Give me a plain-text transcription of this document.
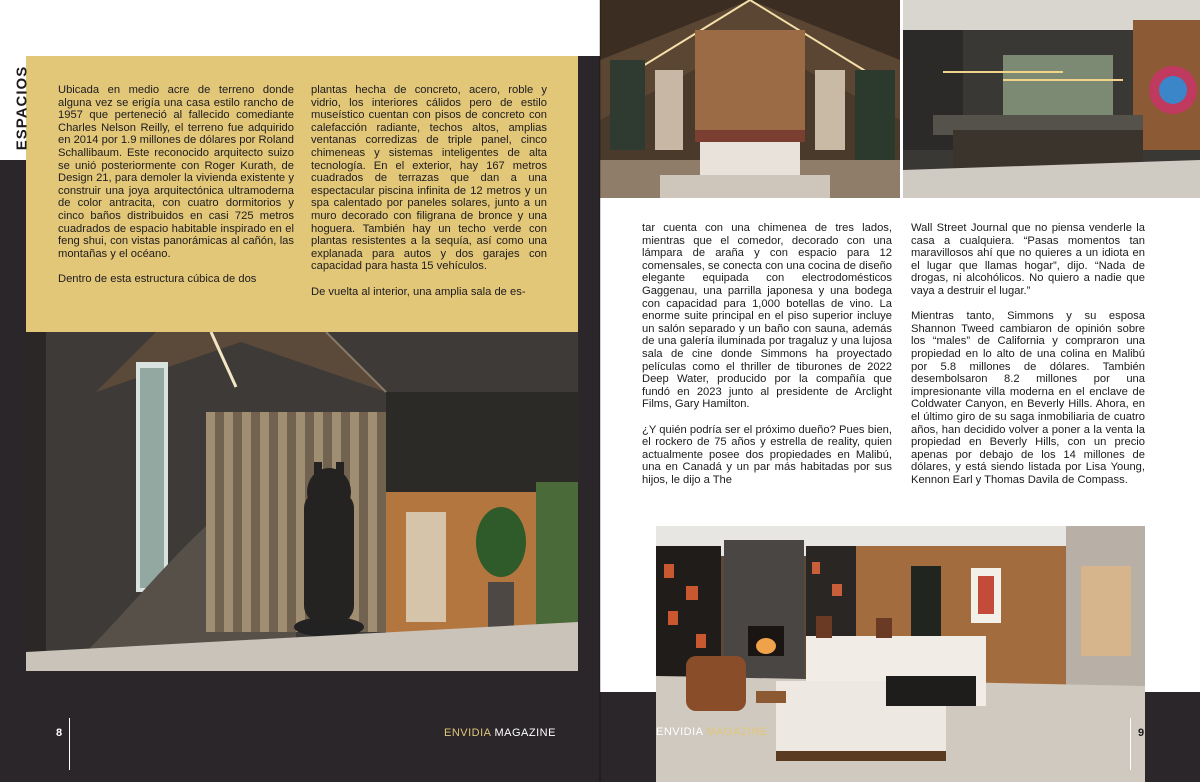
ESPACIOS Ubicada en medio acre de terreno donde alguna vez se erigía una casa estilo rancho de 1957 que perteneció al fallecido comediante Charles Nelson Reilly, el terreno fue adquirido en 2014 por 1.9 millones de dólares por Roland Schallibaum. Este reconocido arquitecto suizo se unió posteriormente con Roger Kurath, de Design 21, para demoler la vivienda existente y construir una joya arquitectónica ultramoderna de color antracita, con cuatro dormitorios y cinco baños distribuidos en casi 725 metros cuadrados de espacio habitable inspirado en el feng shui, con vistas panorámicas al cañón, las montañas y el océano.

Dentro de esta estructura cúbica de dos

plantas hecha de concreto, acero, roble y vidrio, los interiores cálidos pero de estilo museístico cuentan con pisos de concreto con calefacción radiante, techos altos, amplias ventanas corredizas de triple panel, cinco chimeneas y sistemas inteligentes de alta tecnología. En el exterior, hay 167 metros cuadrados de terrazas que dan a una espectacular piscina infinita de 12 metros y un spa calentado por paneles solares, junto a un muro decorado con filigrana de bronce y una hoguera. También hay un techo verde con plantas resistentes a la sequía, así como una explanada para autos y dos garajes con capacidad para hasta 15 vehículos.

De vuelta al interior, una amplia sala de es-

tar cuenta con una chimenea de tres lados, mientras que el comedor, decorado con una lámpara de araña y con espacio para 12 comensales, se conecta con una cocina de diseño elegante equipada con electrodomésticos Gaggenau, una parrilla japonesa y una bodega con capacidad para 1,000 botellas de vino. La enorme suite principal en el piso superior incluye un salón separado y un baño con sauna, además de una galería iluminada por tragaluz y una lujosa sala de cine donde Simmons ha proyectado películas como el thriller de tiburones de 2022 Deep Water, producido por la compañía que fundó en 2023 junto al presidente de Arclight Films, Gary Hamilton.

¿Y quién podría ser el próximo dueño? Pues bien, el rockero de 75 años y estrella de reality, quien actualmente posee dos propiedades en Malibú, una en Canadá y un par más habitadas por sus hijos, le dijo a The

Wall Street Journal que no piensa venderle la casa a cualquiera. “Pasas momentos tan maravillosos ahí que no quieres a un idiota en el lugar que llamas hogar”, dijo. “Nada de drogas, ni alcohólicos. No quiero a nadie que vaya a destruir el lugar.”

Mientras tanto, Simmons y su esposa Shannon Tweed cambiaron de opinión sobre los “males” de California y compraron una propiedad en lo alto de una colina en Malibú por 5.8 millones de dólares. También desembolsaron 8.2 millones por una impresionante villa moderna en el enclave de Coldwater Canyon, en Beverly Hills. Ahora, en el último giro de su saga inmobiliaria de cuatro años, han decidido volver a poner a la venta la propiedad en Beverly Hills, con un precio apenas por debajo de los 14 millones de dólares, y está siendo listada por Lisa Young, Kennon Earl y Thomas Davila de Compass.

8	9
ENVIDIA MAGAZINE	ENVIDIA MAGAZINE
